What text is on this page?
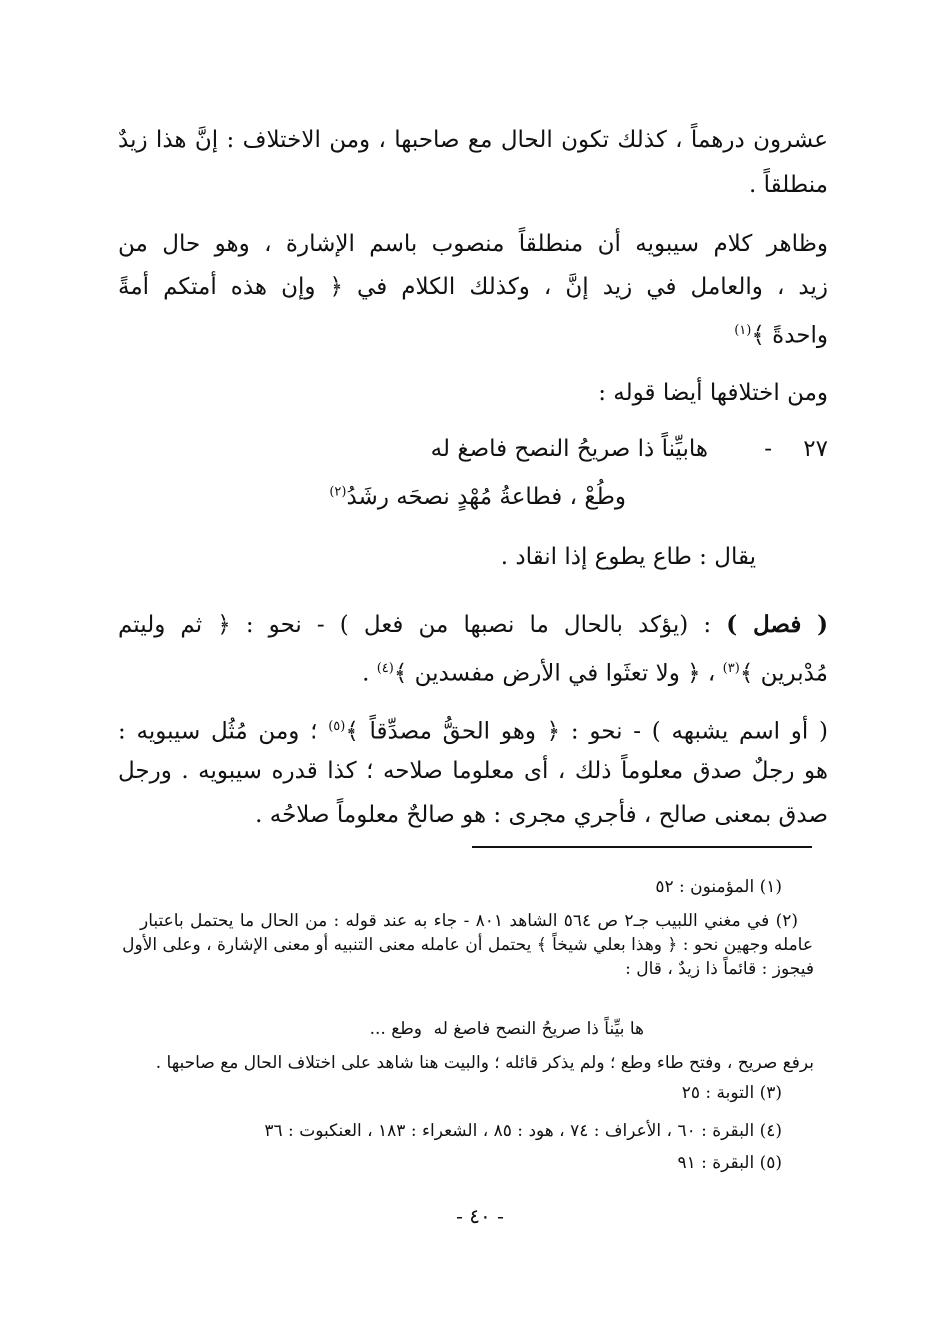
عشرون درهماً ، كذلك تكون الحال مع صاحبها ، ومن الاختلاف : إنَّ هذا زيدٌ
منطلقاً .
وظاهر كلام سيبويه أن منطلقاً منصوب باسم الإشارة ، وهو حال من
زيد ، والعامل في زيد إنَّ ، وكذلك الكلام في ﴿ وإن هذه أمتكم أمةً
واحدةً ﴾$^{(١)}$
ومن اختلافها أيضا قوله :
٢٧
-
هابيِّناً ذا صريحُ النصح فاصغ له
وطُعْ ، فطاعةُ مُهْدٍ نصحَه رشَدُ$^{(٢)}$
يقال : طاع يطوع إذا انقاد .
( فصل ) : (يؤكد بالحال ما نصبها من فعل ) - نحو : ﴿ ثم وليتم
مُدْبرين ﴾$^{(٣)}$ ، ﴿ ولا تعثَوا في الأرض مفسدين ﴾$^{(٤)}$ .
( أو اسم يشبهه ) - نحو : ﴿ وهو الحقُّ مصدِّقاً ﴾$^{(٥)}$ ؛ ومن مُثُل سيبويه :
هو رجلٌ صدق معلوماً ذلك ، أى معلوما صلاحه ؛ كذا قدره سيبويه . ورجل
صدق بمعنى صالح ، فأجري مجرى : هو صالحٌ معلوماً صلاحُه .
(١) المؤمنون : ٥٢
(٢) في مغني اللبيب جـ٢ ص ٥٦٤ الشاهد ٨٠١ - جاء به عند قوله : من الحال ما يحتمل باعتبار
عامله وجهين نحو : ﴿ وهذا بعلي شيخاً ﴾ يحتمل أن عامله معنى التنبيه أو معنى الإشارة ، وعلى الأول
فيجوز : قائماً ذا زيدٌ ، قال :
ها بيِّناً ذا صريحُ النصح فاصغ له
وطع ...
برفع صريح ، وفتح طاء وطع ؛ ولم يذكر قائله ؛ والبيت هنا شاهد على اختلاف الحال مع صاحبها .
(٣) التوبة : ٢٥
(٤) البقرة : ٦٠ ، الأعراف : ٧٤ ، هود : ٨٥ ، الشعراء : ١٨٣ ، العنكبوت : ٣٦
(٥) البقرة : ٩١
- ٤٠ -
